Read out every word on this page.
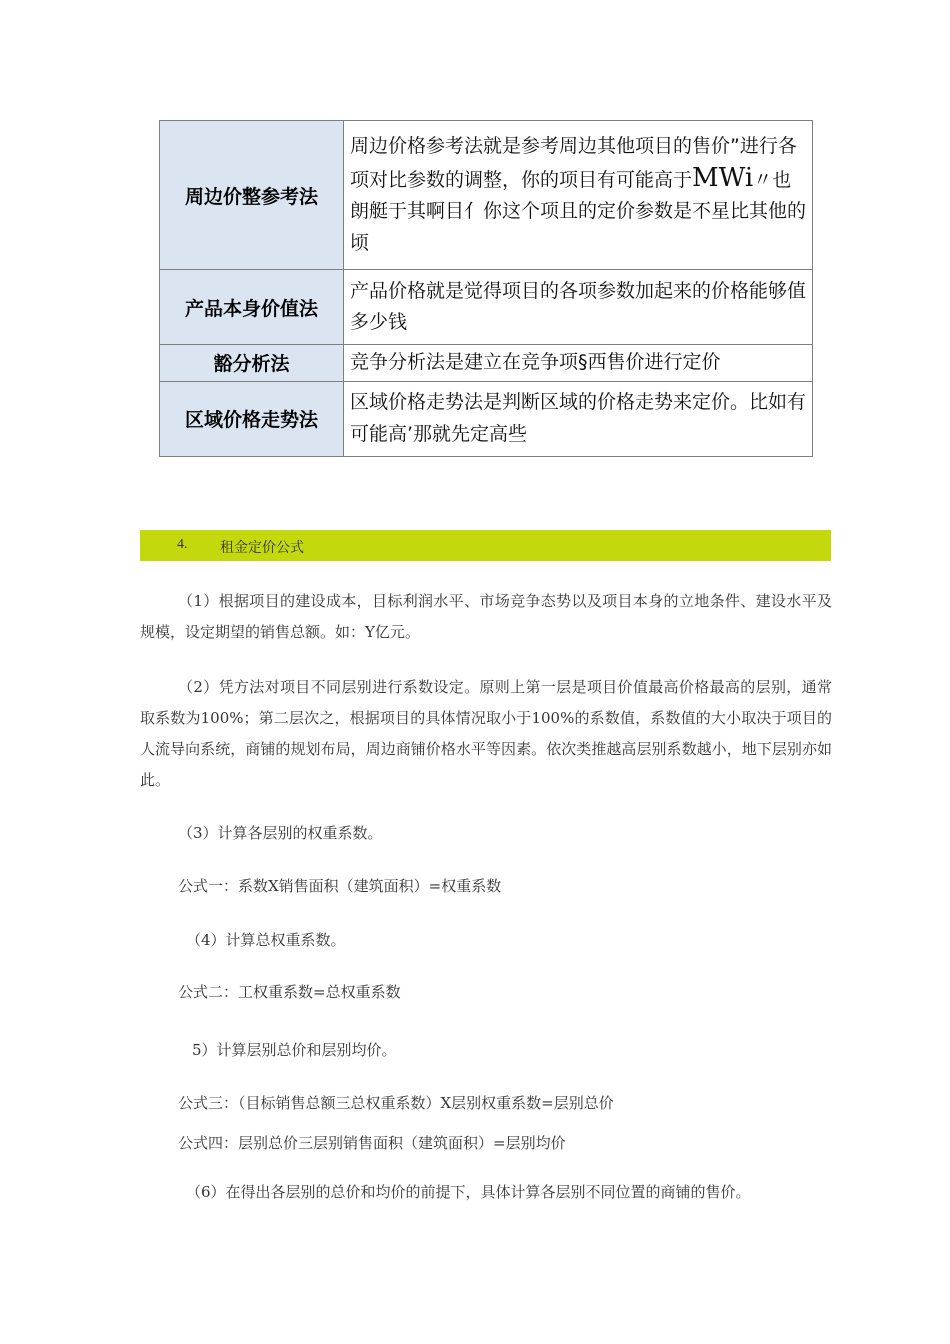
周边价整参考法	周边价格参考法就是参考周边其他项目的售价”进行各项对比参数的调整，你的项目有可能高于MWi〃也朗艇于其啊目亻你这个项且的定价参数是不星比其他的顷
产品本身价值法	产品价格就是觉得项目的各项参数加起来的价格能够值多少钱
豁分析法	竞争分析法是建立在竞争项§西售价进行定价
区域价格走势法	区域价格走势法是判断区域的价格走势来定价。比如有可能高’那就先定高些
4. 租金定价公式
（1）根据项目的建设成本，目标利润水平、市场竞争态势以及项目本身的立地条件、建设水平及规模，设定期望的销售总额。如：Y亿元。
（2）凭方法对项目不同层别进行系数设定。原则上第一层是项目价值最高价格最高的层别，通常取系数为100%；第二层次之，根据项目的具体情况取小于100%的系数值，系数值的大小取决于项目的人流导向系统，商铺的规划布局，周边商铺价格水平等因素。依次类推越高层别系数越小，地下层别亦如此。
（3）计算各层别的权重系数。
公式一：系数X销售面积（建筑面积）=权重系数
（4）计算总权重系数。
公式二：工权重系数=总权重系数
5）计算层别总价和层别均价。
公式三：（目标销售总额三总权重系数）X层别权重系数=层别总价
公式四：层别总价三层别销售面积（建筑面积）=层别均价
（6）在得出各层别的总价和均价的前提下，具体计算各层别不同位置的商铺的售价。
